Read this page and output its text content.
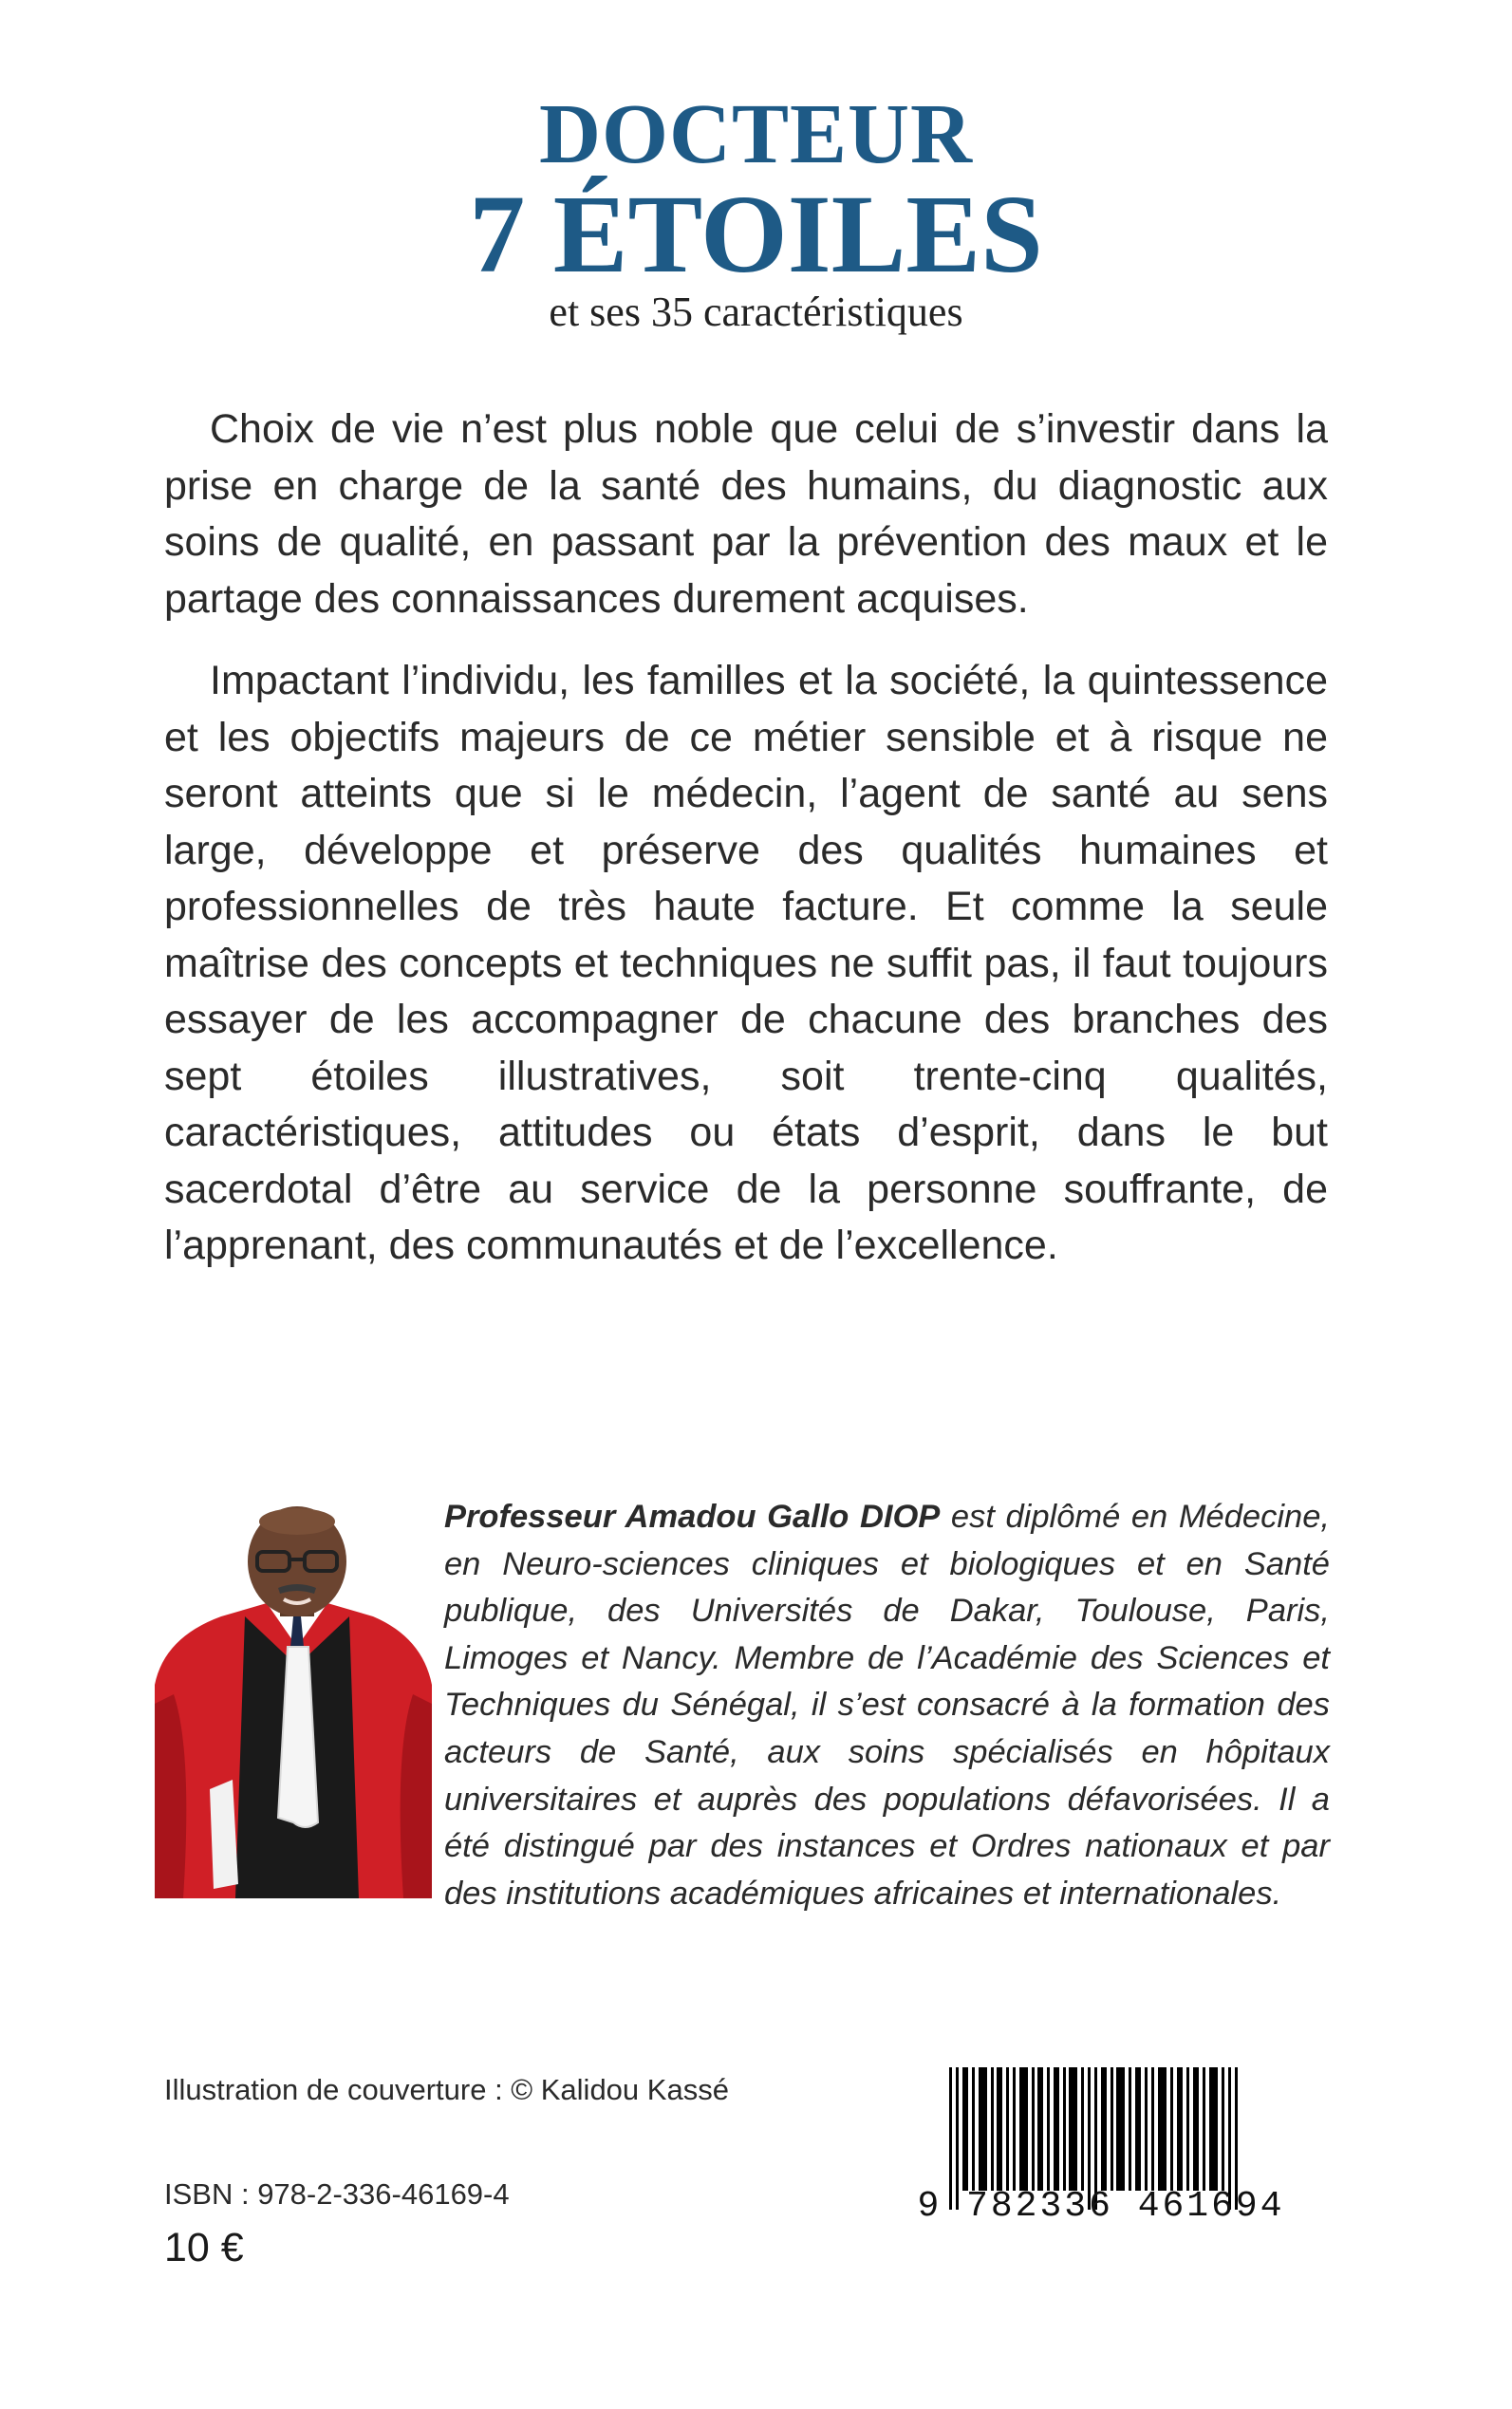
DOCTEUR
7 ÉTOILES
et ses 35 caractéristiques

Choix de vie n’est plus noble que celui de s’investir dans la prise en charge de la santé des humains, du diagnostic aux soins de qualité, en passant par la prévention des maux et le partage des connaissances durement acquises.

Impactant l’individu, les familles et la société, la quintessence et les objectifs majeurs de ce métier sensible et à risque ne seront atteints que si le médecin, l’agent de santé au sens large, développe et préserve des qualités humaines et professionnelles de très haute facture. Et comme la seule maîtrise des concepts et techniques ne suffit pas, il faut toujours essayer de les accompagner de chacune des branches des sept étoiles illustratives, soit trente-cinq qualités, caractéristiques, attitudes ou états d’esprit, dans le but sacerdotal d’être au service de la personne souffrante, de l’apprenant, des communautés et de l’excellence.

Professeur Amadou Gallo DIOP est diplômé en Médecine, en Neuro-sciences cliniques et biologiques et en Santé publique, des Universités de Dakar, Toulouse, Paris, Limoges et Nancy. Membre de l’Académie des Sciences et Techniques du Sénégal, il s’est consacré à la formation des acteurs de Santé, aux soins spécialisés en hôpitaux universitaires et auprès des populations défavorisées. Il a été distingué par des instances et Ordres nationaux et par des institutions académiques africaines et internationales.
Illustration de couverture : © Kalidou Kassé
ISBN : 978-2-336-46169-4
10 €
9 782336 461694
